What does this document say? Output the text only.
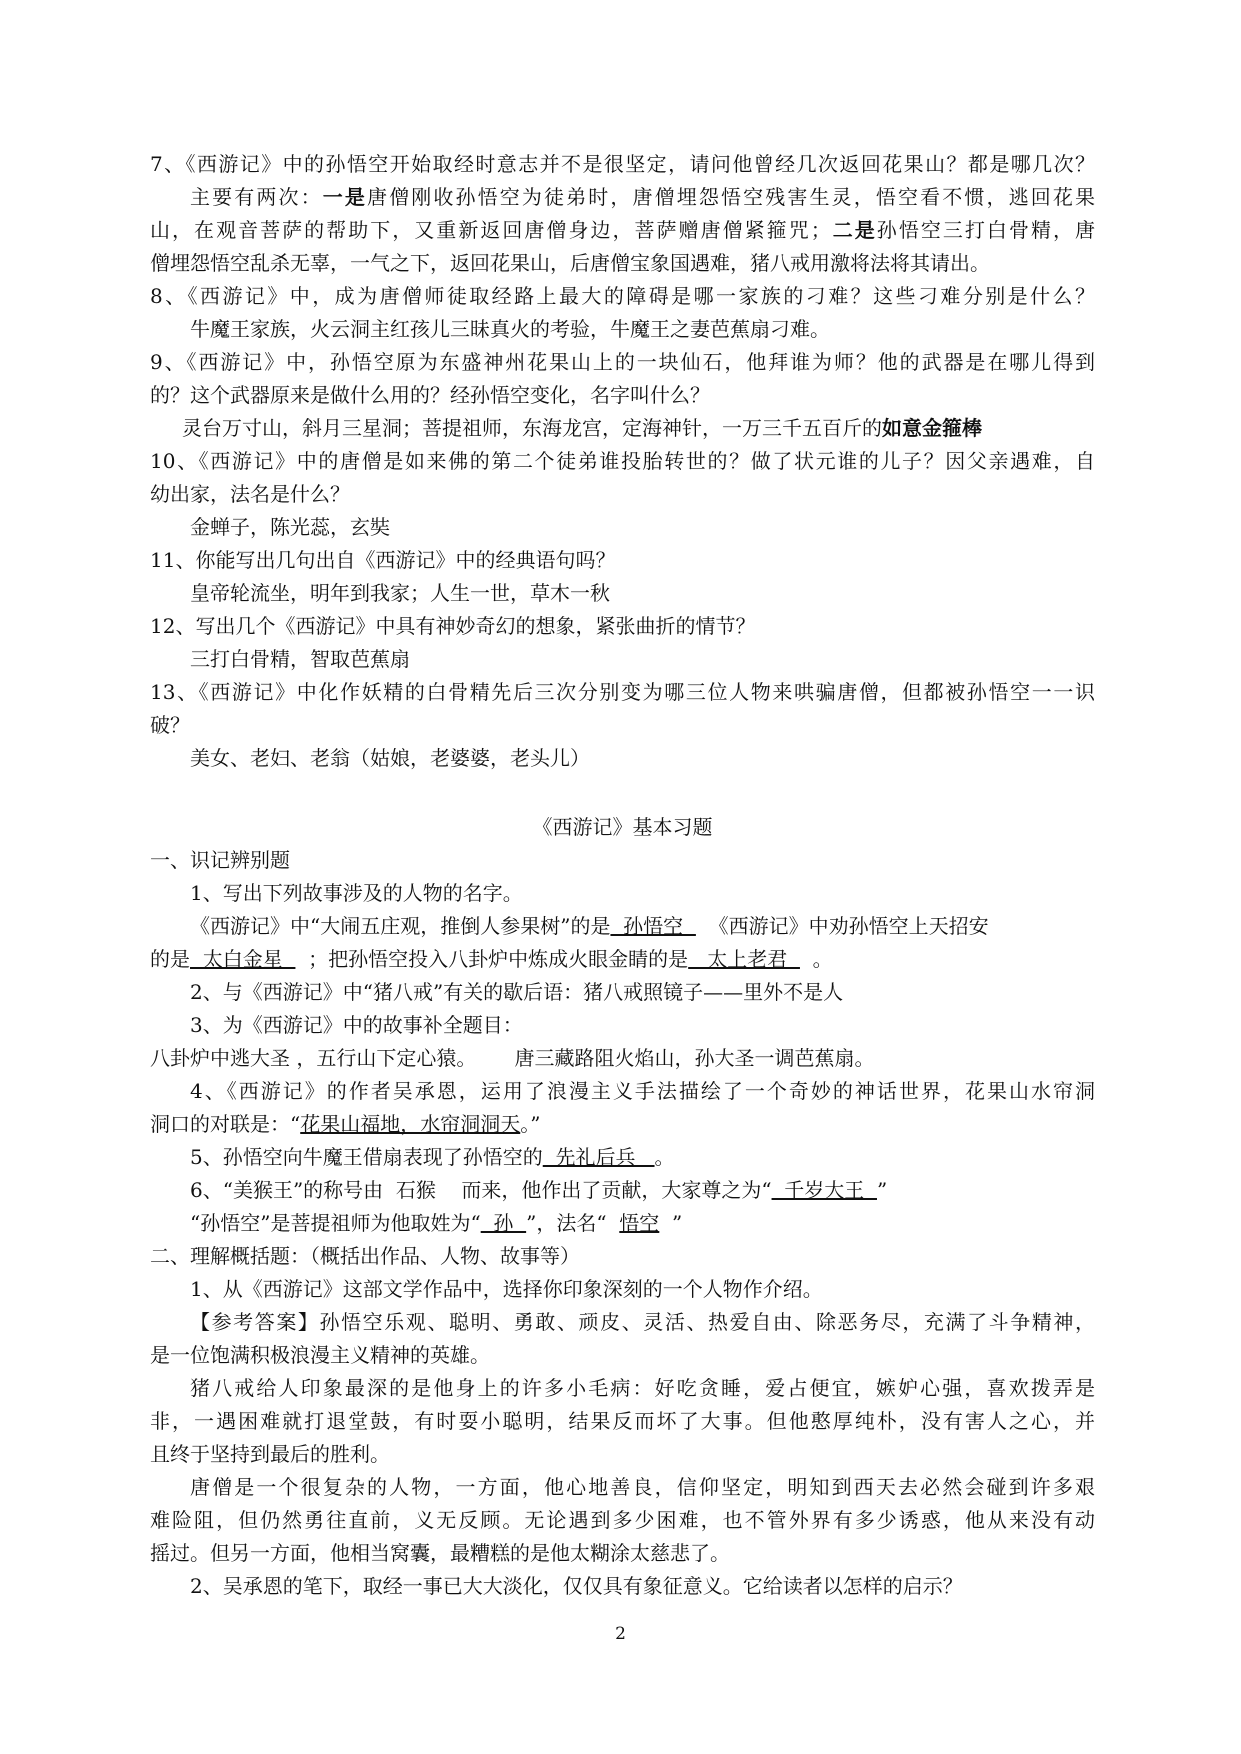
7、《西游记》中的孙悟空开始取经时意志并不是很坚定，请问他曾经几次返回花果山？都是哪几次？

主要有两次：一是唐僧刚收孙悟空为徒弟时，唐僧埋怨悟空残害生灵，悟空看不惯，逃回花果

山，在观音菩萨的帮助下，又重新返回唐僧身边，菩萨赠唐僧紧箍咒；二是孙悟空三打白骨精，唐

僧埋怨悟空乱杀无辜，一气之下，返回花果山，后唐僧宝象国遇难，猪八戒用激将法将其请出。

8、《西游记》中，成为唐僧师徒取经路上最大的障碍是哪一家族的刁难？这些刁难分别是什么？

牛魔王家族，火云洞主红孩儿三昧真火的考验，牛魔王之妻芭蕉扇刁难。

9、《西游记》中，孙悟空原为东盛神州花果山上的一块仙石，他拜谁为师？他的武器是在哪儿得到

的？这个武器原来是做什么用的？经孙悟空变化，名字叫什么？

灵台万寸山，斜月三星洞；菩提祖师，东海龙宫，定海神针，一万三千五百斤的如意金箍棒

10、《西游记》中的唐僧是如来佛的第二个徒弟谁投胎转世的？做了状元谁的儿子？因父亲遇难，自

幼出家，法名是什么？

金蝉子，陈光蕊，玄奘

11、你能写出几句出自《西游记》中的经典语句吗？

皇帝轮流坐，明年到我家；人生一世，草木一秋

12、写出几个《西游记》中具有神妙奇幻的想象，紧张曲折的情节？

三打白骨精，智取芭蕉扇

13、《西游记》中化作妖精的白骨精先后三次分别变为哪三位人物来哄骗唐僧，但都被孙悟空一一识

破？

美女、老妇、老翁（姑娘，老婆婆，老头儿）

《西游记》基本习题

一、识记辨别题

1、写出下列故事涉及的人物的名字。

《西游记》中“大闹五庄观，推倒人参果树”的是  孙悟空    《西游记》中劝孙悟空上天招安

的是  太白金星    ；把孙悟空投入八卦炉中炼成火眼金睛的是   太上老君    。

2、与《西游记》中“猪八戒”有关的歇后语：猪八戒照镜子——里外不是人

3、为《西游记》中的故事补全题目：

八卦炉中逃大圣 ，五行山下定心猿。      唐三藏路阻火焰山，孙大圣一调芭蕉扇。

4、《西游记》的作者吴承恩，运用了浪漫主义手法描绘了一个奇妙的神话世界，花果山水帘洞

洞口的对联是：“花果山福地，水帘洞洞天。”

5、孙悟空向牛魔王借扇表现了孙悟空的  先礼后兵   。

6、“美猴王”的称号由  石猴    而来，他作出了贡献，大家尊之为“  千岁大王  ”

“孙悟空”是菩提祖师为他取姓为“  孙  ”，法名“  悟空  ”

二、理解概括题：（概括出作品、人物、故事等）

1、从《西游记》这部文学作品中，选择你印象深刻的一个人物作介绍。

【参考答案】孙悟空乐观、聪明、勇敢、顽皮、灵活、热爱自由、除恶务尽，充满了斗争精神，

是一位饱满积极浪漫主义精神的英雄。

猪八戒给人印象最深的是他身上的许多小毛病：好吃贪睡，爱占便宜，嫉妒心强，喜欢拨弄是

非，一遇困难就打退堂鼓，有时耍小聪明，结果反而坏了大事。但他憨厚纯朴，没有害人之心，并

且终于坚持到最后的胜利。

唐僧是一个很复杂的人物，一方面，他心地善良，信仰坚定，明知到西天去必然会碰到许多艰

难险阻，但仍然勇往直前，义无反顾。无论遇到多少困难，也不管外界有多少诱惑，他从来没有动

摇过。但另一方面，他相当窝囊，最糟糕的是他太糊涂太慈悲了。

2、吴承恩的笔下，取经一事已大大淡化，仅仅具有象征意义。它给读者以怎样的启示？

2
